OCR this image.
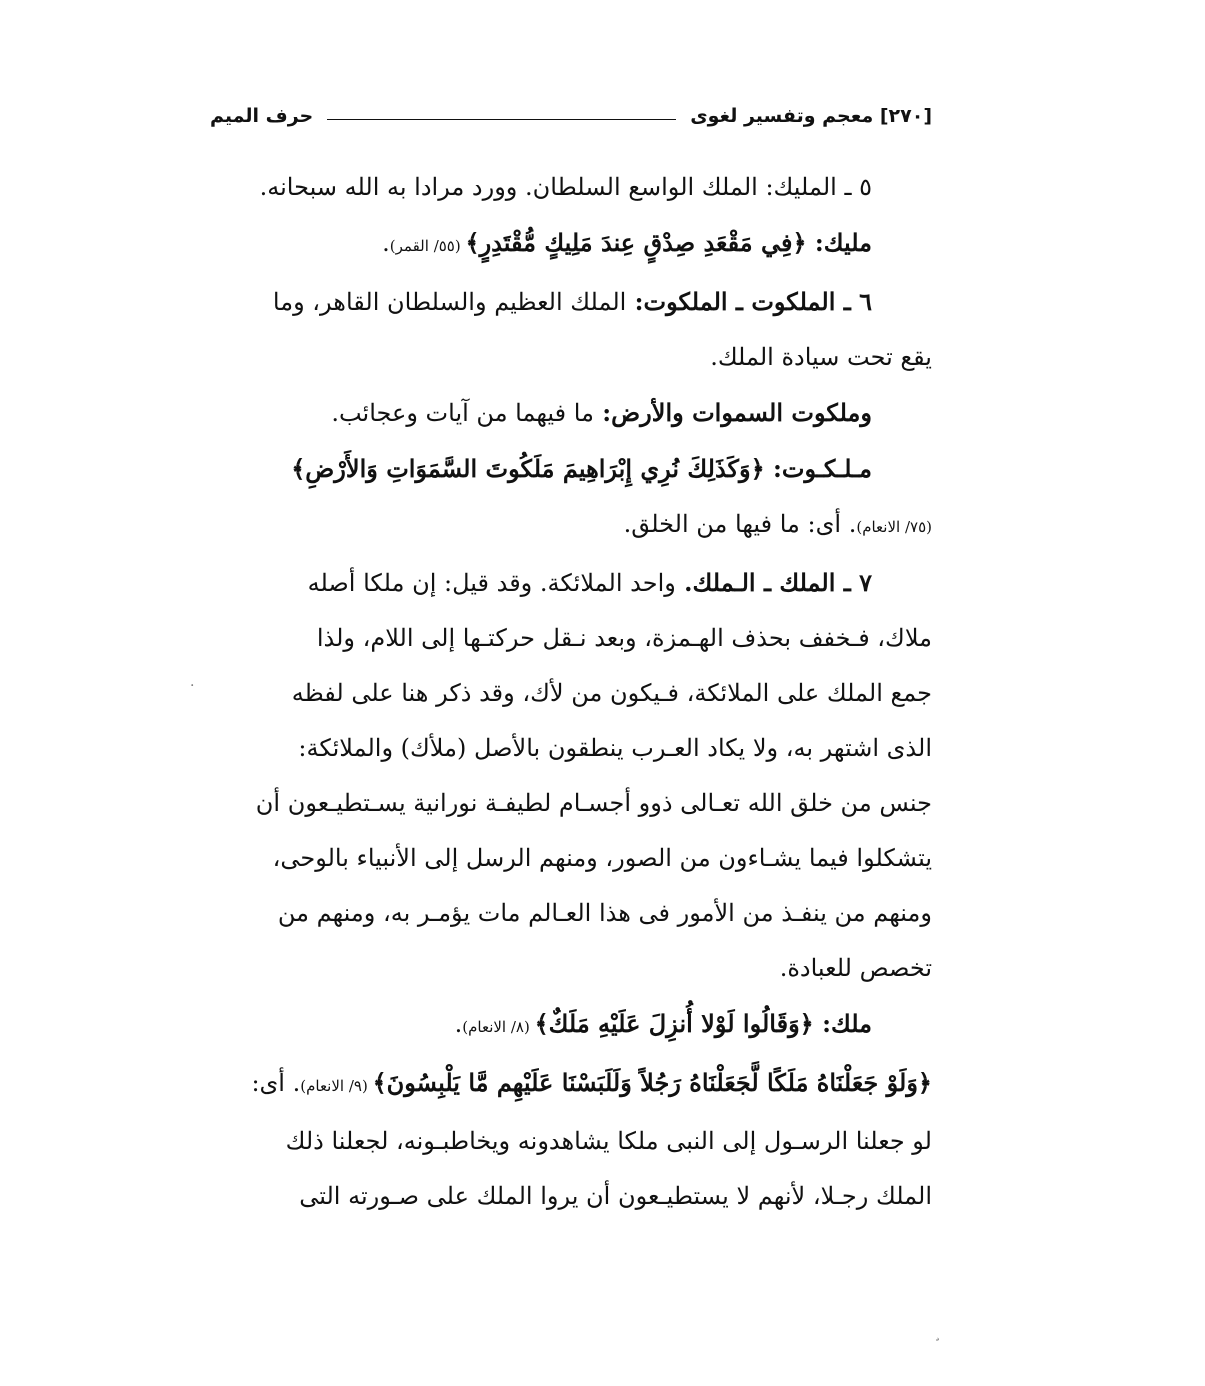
[٢٧٠] معجم وتفسير لغوى
حرف الميم
٥ ـ المليك: الملك الواسع السلطان. وورد مرادا به الله سبحانه.
مليك: ﴿فِي مَقْعَدِ صِدْقٍ عِندَ مَلِيكٍ مُّقْتَدِرٍ﴾ (٥٥/ القمر).
٦ ـ الملكوت ـ الملكوت: الملك العظيم والسلطان القاهر، وما
يقع تحت سيادة الملك.
وملكوت السموات والأرض: ما فيهما من آيات وعجائب.
مـلـكـوت: ﴿وَكَذَلِكَ نُرِي إِبْرَاهِيمَ مَلَكُوتَ السَّمَوَاتِ وَالأَرْضِ﴾
(٧٥/ الانعام). أى: ما فيها من الخلق.
٧ ـ الملك ـ الـملك. واحد الملائكة. وقد قيل: إن ملكا أصله
ملاك، فـخفف بحذف الهـمزة، وبعد نـقل حركتـها إلى اللام، ولذا
جمع الملك على الملائكة، فـيكون من لأك، وقد ذكر هنا على لفظه
الذى اشتهر به، ولا يكاد العـرب ينطقون بالأصل (ملأك) والملائكة:
جنس من خلق الله تعـالى ذوو أجسـام لطيفـة نورانية يسـتطيـعون أن
يتشكلوا فيما يشـاءون من الصور، ومنهم الرسل إلى الأنبياء بالوحى،
ومنهم من ينفـذ من الأمور فى هذا العـالم مات يؤمـر به، ومنهم من
تخصص للعبادة.
ملك: ﴿وَقَالُوا لَوْلا أُنزِلَ عَلَيْهِ مَلَكٌ﴾ (٨/ الانعام).
﴿وَلَوْ جَعَلْنَاهُ مَلَكًا لَّجَعَلْنَاهُ رَجُلاً وَلَلَبَسْنَا عَلَيْهِم مَّا يَلْبِسُونَ﴾ (٩/ الانعام). أى:
لو جعلنا الرسـول إلى النبى ملكا يشاهدونه ويخاطبـونه، لجعلنا ذلك
الملك رجـلا، لأنهم لا يستطيـعون أن يروا الملك على صـورته التى
·
¸
